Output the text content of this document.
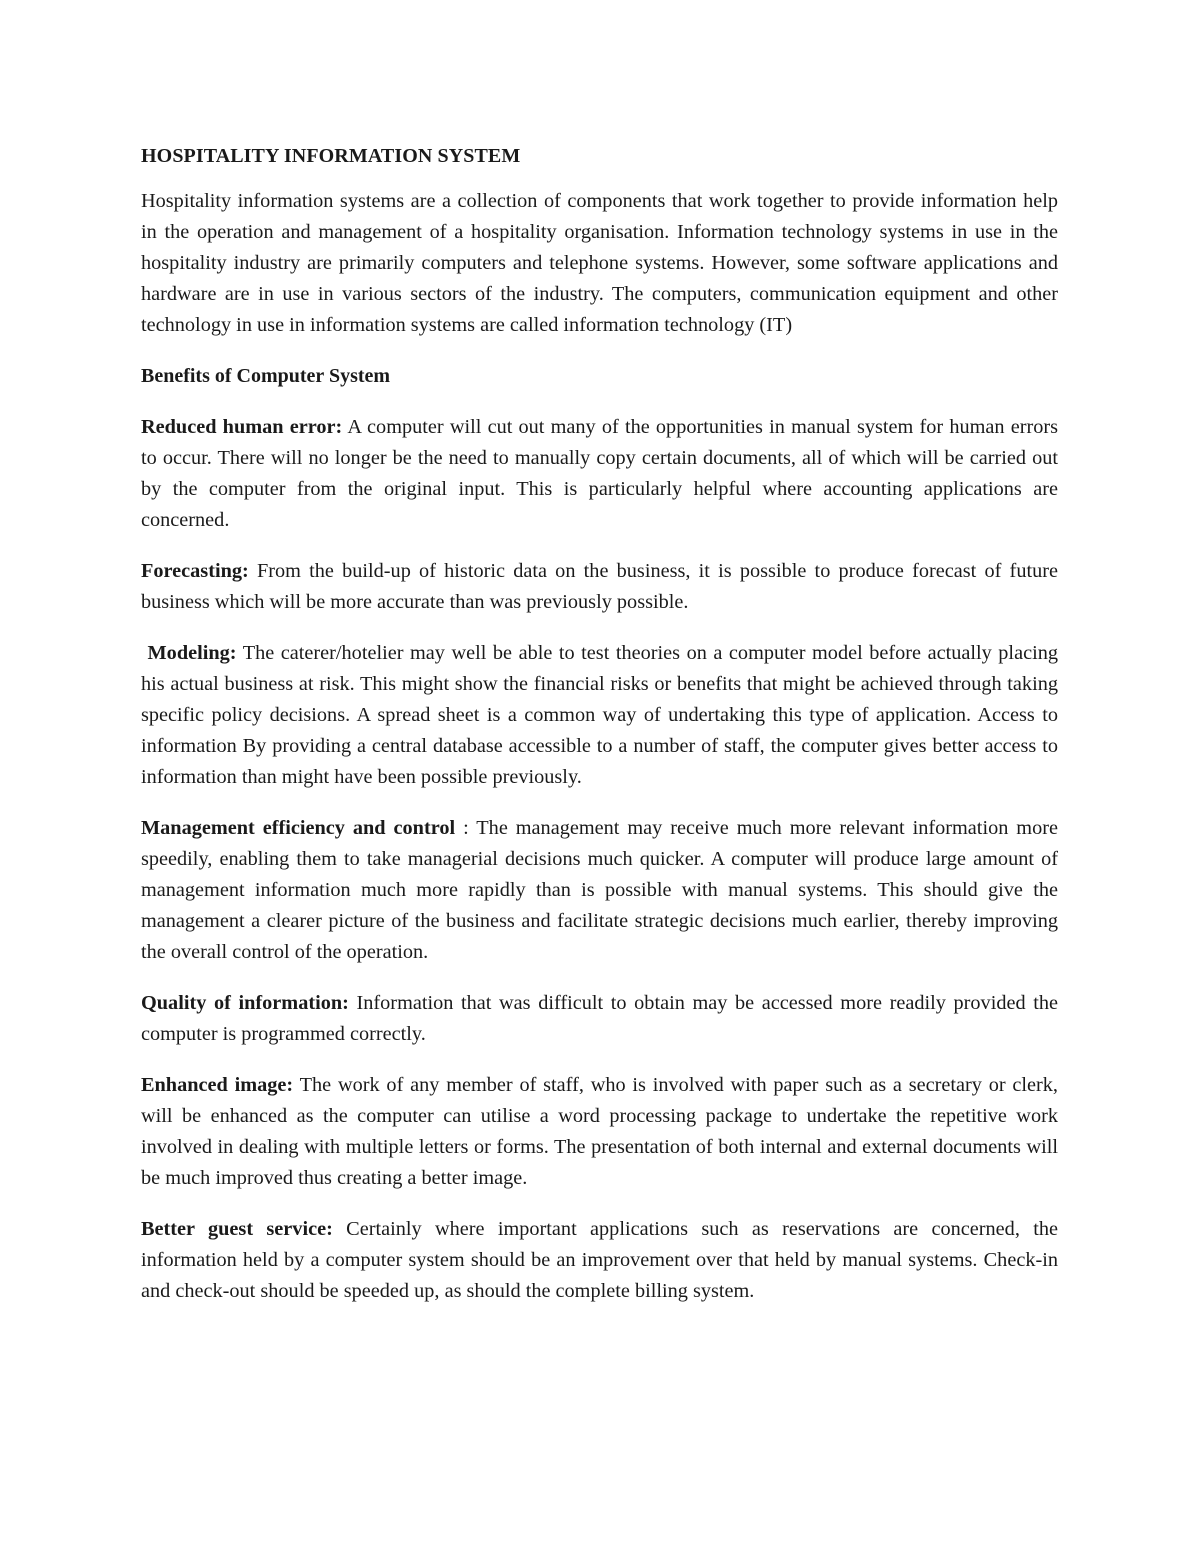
HOSPITALITY INFORMATION SYSTEM

Hospitality information systems are a collection of components that work together to provide information help in the operation and management of a hospitality organisation. Information technology systems in use in the hospitality industry are primarily computers and telephone systems. However, some software applications and hardware are in use in various sectors of the industry. The computers, communication equipment and other technology in use in information systems are called information technology (IT)

Benefits of Computer System

Reduced human error: A computer will cut out many of the opportunities in manual system for human errors to occur. There will no longer be the need to manually copy certain documents, all of which will be carried out by the computer from the original input. This is particularly helpful where accounting applications are concerned.

Forecasting: From the build-up of historic data on the business, it is possible to produce forecast of future business which will be more accurate than was previously possible.

Modeling: The caterer/hotelier may well be able to test theories on a computer model before actually placing his actual business at risk. This might show the financial risks or benefits that might be achieved through taking specific policy decisions. A spread sheet is a common way of undertaking this type of application. Access to information By providing a central database accessible to a number of staff, the computer gives better access to information than might have been possible previously.

Management efficiency and control : The management may receive much more relevant information more speedily, enabling them to take managerial decisions much quicker. A computer will produce large amount of management information much more rapidly than is possible with manual systems. This should give the management a clearer picture of the business and facilitate strategic decisions much earlier, thereby improving the overall control of the operation.

Quality of information: Information that was difficult to obtain may be accessed more readily provided the computer is programmed correctly.

Enhanced image: The work of any member of staff, who is involved with paper such as a secretary or clerk, will be enhanced as the computer can utilise a word processing package to undertake the repetitive work involved in dealing with multiple letters or forms. The presentation of both internal and external documents will be much improved thus creating a better image.

Better guest service: Certainly where important applications such as reservations are concerned, the information held by a computer system should be an improvement over that held by manual systems. Check-in and check-out should be speeded up, as should the complete billing system.
